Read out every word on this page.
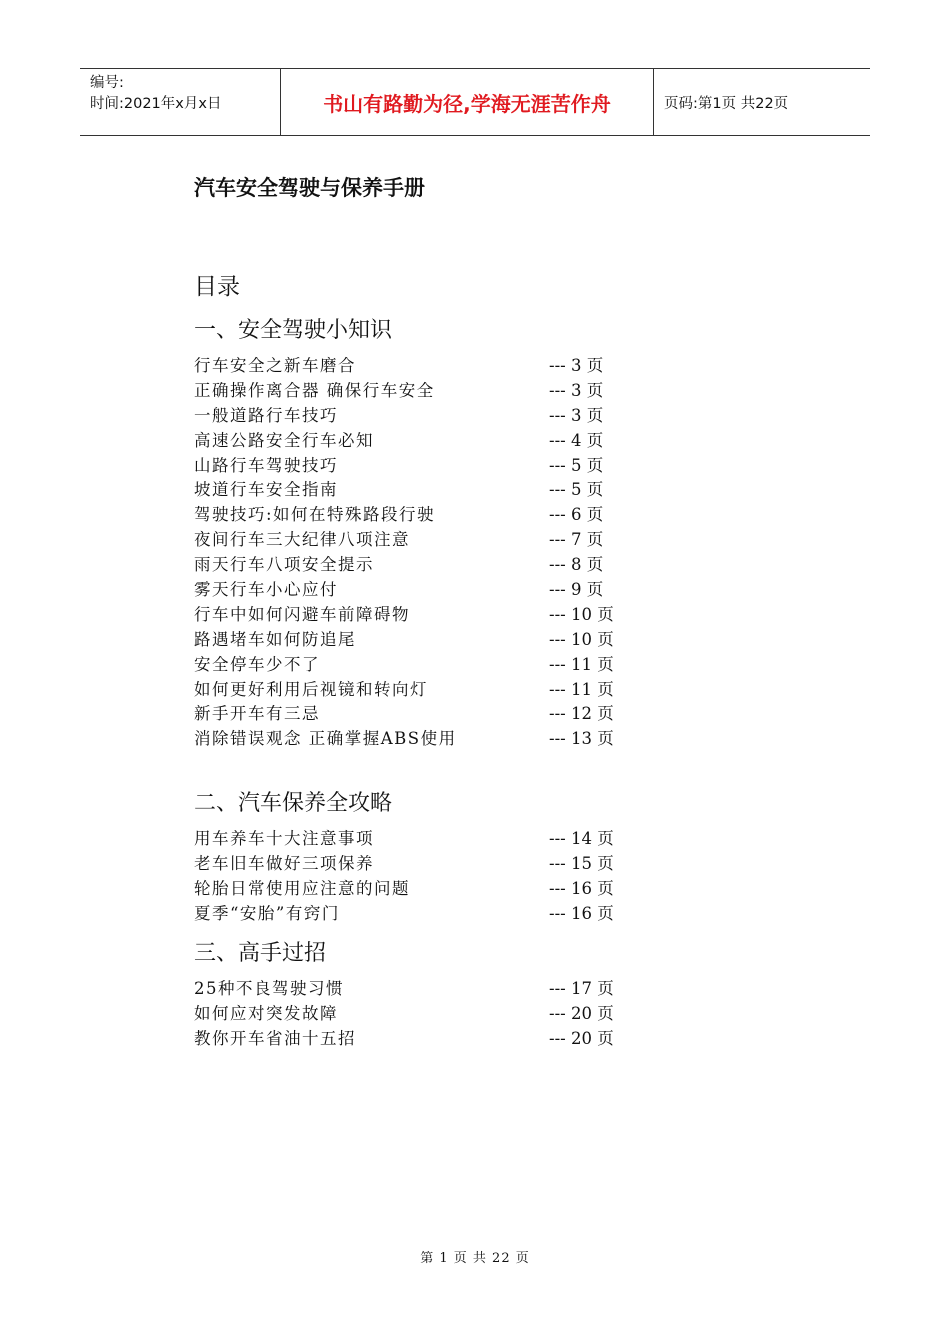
编号:
时间:2021年x月x日	书山有路勤为径,学海无涯苦作舟	页码:第1页 共22页
汽车安全驾驶与保养手册
目录
一、安全驾驶小知识
行车安全之新车磨合	--- 3 页
正确操作离合器 确保行车安全	--- 3 页
一般道路行车技巧	--- 3 页
高速公路安全行车必知	--- 4 页
山路行车驾驶技巧	--- 5 页
坡道行车安全指南	--- 5 页
驾驶技巧:如何在特殊路段行驶	--- 6 页
夜间行车三大纪律八项注意	--- 7 页
雨天行车八项安全提示	--- 8 页
雾天行车小心应付	--- 9 页
行车中如何闪避车前障碍物	--- 10 页
路遇堵车如何防追尾	--- 10 页
安全停车少不了	--- 11 页
如何更好利用后视镜和转向灯	--- 11 页
新手开车有三忌	--- 12 页
消除错误观念 正确掌握ABS使用	--- 13 页
二、汽车保养全攻略
用车养车十大注意事项	--- 14 页
老车旧车做好三项保养	--- 15 页
轮胎日常使用应注意的问题	--- 16 页
夏季“安胎”有窍门	--- 16 页
三、高手过招
25种不良驾驶习惯	--- 17 页
如何应对突发故障	--- 20 页
教你开车省油十五招	--- 20 页
第 1 页 共 22 页
